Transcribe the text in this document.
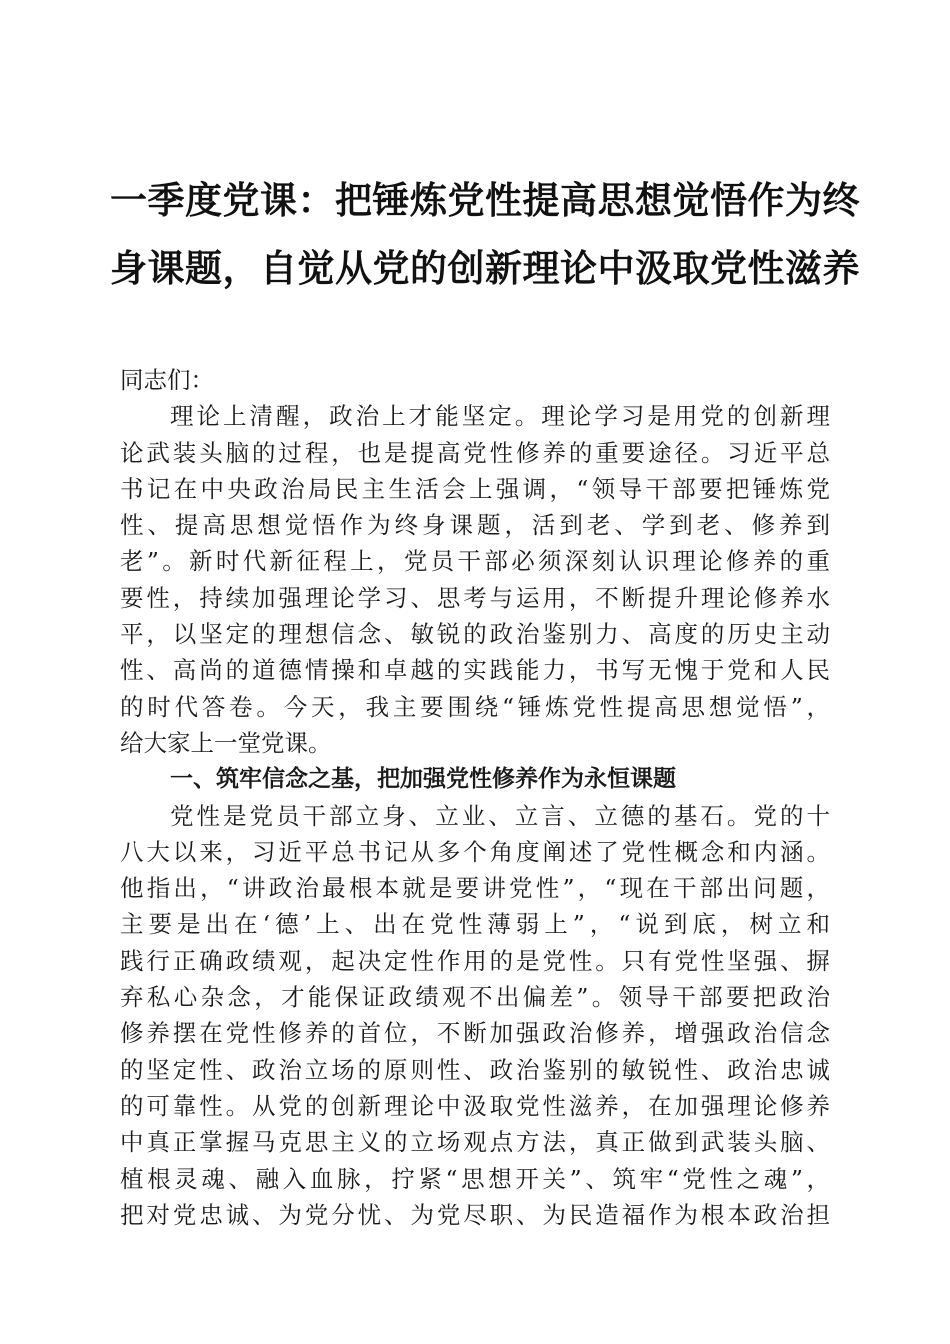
一季度党课：把锤炼党性提高思想觉悟作为终
身课题，自觉从党的创新理论中汲取党性滋养
同志们：
理论上清醒，政治上才能坚定。理论学习是用党的创新理
论武装头脑的过程，也是提高党性修养的重要途径。习近平总
书记在中央政治局民主生活会上强调，“领导干部要把锤炼党
性、提高思想觉悟作为终身课题，活到老、学到老、修养到
老”。新时代新征程上，党员干部必须深刻认识理论修养的重
要性，持续加强理论学习、思考与运用，不断提升理论修养水
平，以坚定的理想信念、敏锐的政治鉴别力、高度的历史主动
性、高尚的道德情操和卓越的实践能力，书写无愧于党和人民
的时代答卷。今天，我主要围绕“锤炼党性提高思想觉悟”，
给大家上一堂党课。
一、筑牢信念之基，把加强党性修养作为永恒课题
党性是党员干部立身、立业、立言、立德的基石。党的十
八大以来，习近平总书记从多个角度阐述了党性概念和内涵。
他指出，“讲政治最根本就是要讲党性”，“现在干部出问题，
主要是出在‘德’上、出在党性薄弱上”，“说到底，树立和
践行正确政绩观，起决定性作用的是党性。只有党性坚强、摒
弃私心杂念，才能保证政绩观不出偏差”。领导干部要把政治
修养摆在党性修养的首位，不断加强政治修养，增强政治信念
的坚定性、政治立场的原则性、政治鉴别的敏锐性、政治忠诚
的可靠性。从党的创新理论中汲取党性滋养，在加强理论修养
中真正掌握马克思主义的立场观点方法，真正做到武装头脑、
植根灵魂、融入血脉，拧紧“思想开关”、筑牢“党性之魂”，
把对党忠诚、为党分忧、为党尽职、为民造福作为根本政治担
